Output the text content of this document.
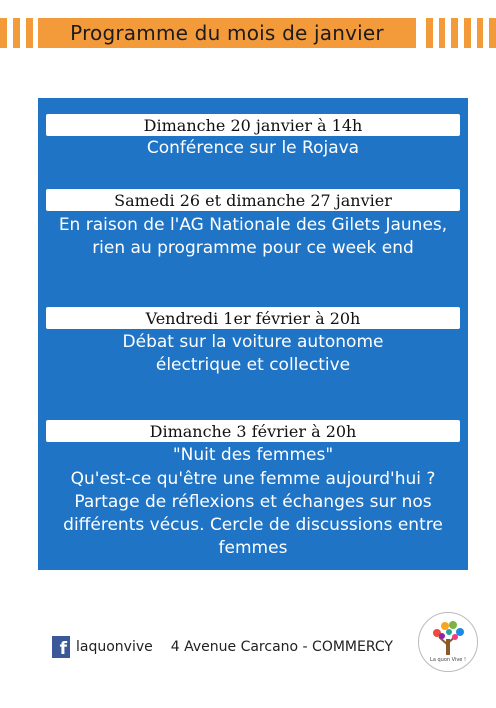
Programme du mois de janvier
Dimanche 20 janvier à 14h
Conférence sur le Rojava
Samedi 26 et dimanche 27 janvier
En raison de l'AG Nationale des Gilets Jaunes, rien au programme pour ce week end
Vendredi 1er février à 20h
Débat sur la voiture autonome électrique et collective
Dimanche 3 février à 20h
"Nuit des femmes"
Qu'est-ce qu'être une femme aujourd'hui ? Partage de réflexions et échanges sur nos différents vécus. Cercle de discussions entre femmes
f laquonvive 4 Avenue Carcano - COMMERCY
La quon Vive !
